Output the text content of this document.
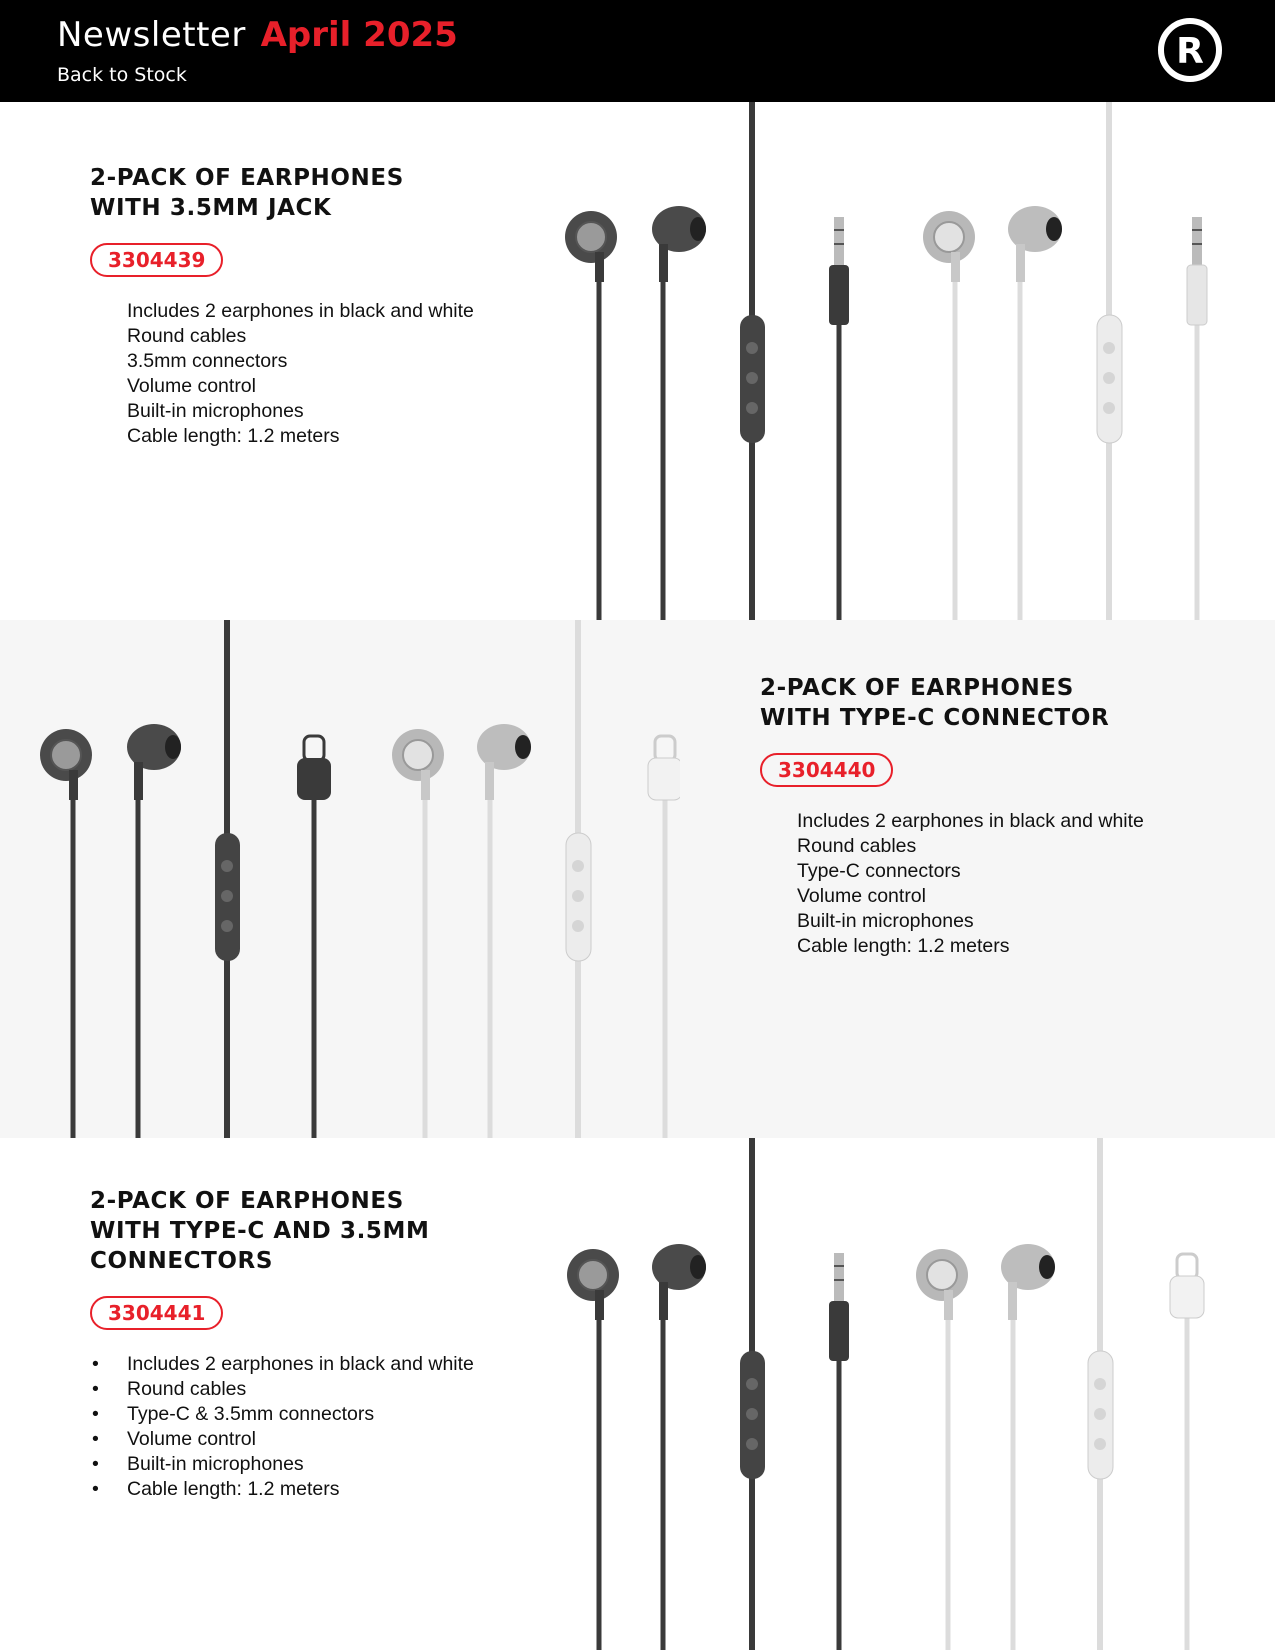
Newsletter April 2025
Back to Stock
R
2-PACK OF EARPHONES
WITH 3.5MM JACK
3304439
Includes 2 earphones in black and white
Round cables
3.5mm connectors
Volume control
Built-in microphones
Cable length: 1.2 meters
2-PACK OF EARPHONES
WITH TYPE-C CONNECTOR
3304440
Includes 2 earphones in black and white
Round cables
Type-C connectors
Volume control
Built-in microphones
Cable length: 1.2 meters
2-PACK OF EARPHONES
WITH TYPE-C AND 3.5MM
CONNECTORS
3304441
• Includes 2 earphones in black and white
• Round cables
• Type-C & 3.5mm connectors
• Volume control
• Built-in microphones
• Cable length: 1.2 meters
